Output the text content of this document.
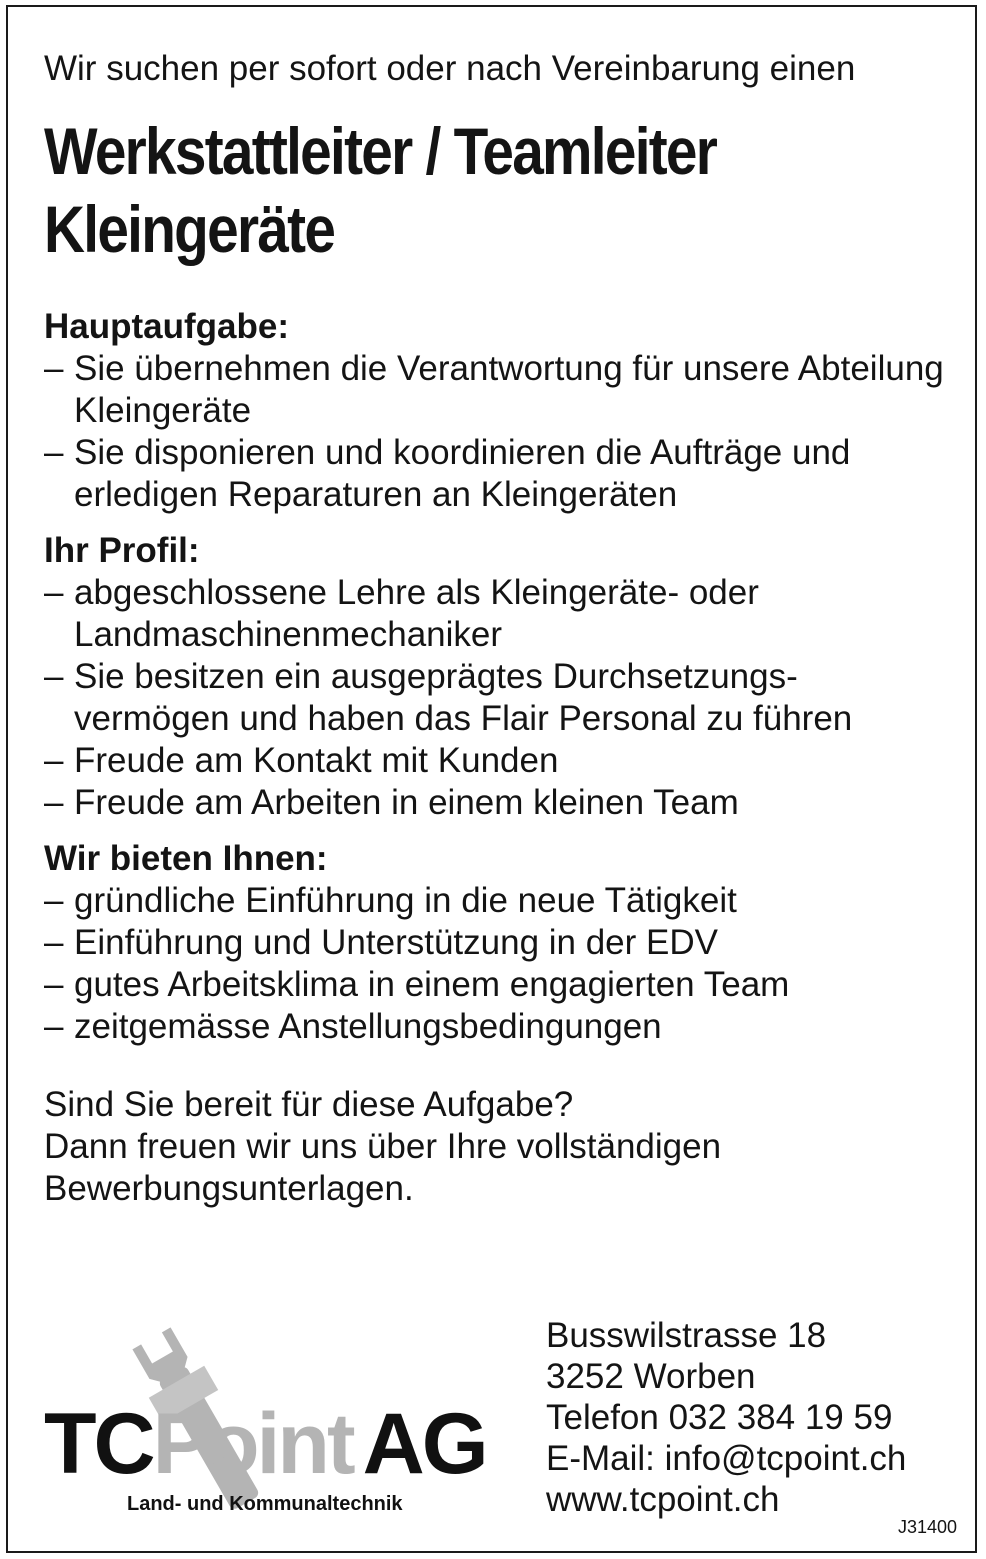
Wir suchen per sofort oder nach Vereinbarung einen

Werkstattleiter / Teamleiter
Kleingeräte
Hauptaufgabe:
– Sie übernehmen die Verantwortung für unsere Abteilung Kleingeräte
– Sie disponieren und koordinieren die Aufträge und erledigen Reparaturen an Kleingeräten
Ihr Profil:
– abgeschlossene Lehre als Kleingeräte- oder Landmaschinenmechaniker
– Sie besitzen ein ausgeprägtes Durchsetzungs- vermögen und haben das Flair Personal zu führen
– Freude am Kontakt mit Kunden
– Freude am Arbeiten in einem kleinen Team
Wir bieten Ihnen:
– gründliche Einführung in die neue Tätigkeit
– Einführung und Unterstützung in der EDV
– gutes Arbeitsklima in einem engagierten Team
– zeitgemässe Anstellungsbedingungen

Sind Sie bereit für diese Aufgabe?
Dann freuen wir uns über Ihre vollständigen Bewerbungsunterlagen.

TCPoint AG
Land- und Kommunaltechnik
Busswilstrasse 18
3252 Worben
Telefon 032 384 19 59
E-Mail: info@tcpoint.ch
www.tcpoint.ch
J31400
